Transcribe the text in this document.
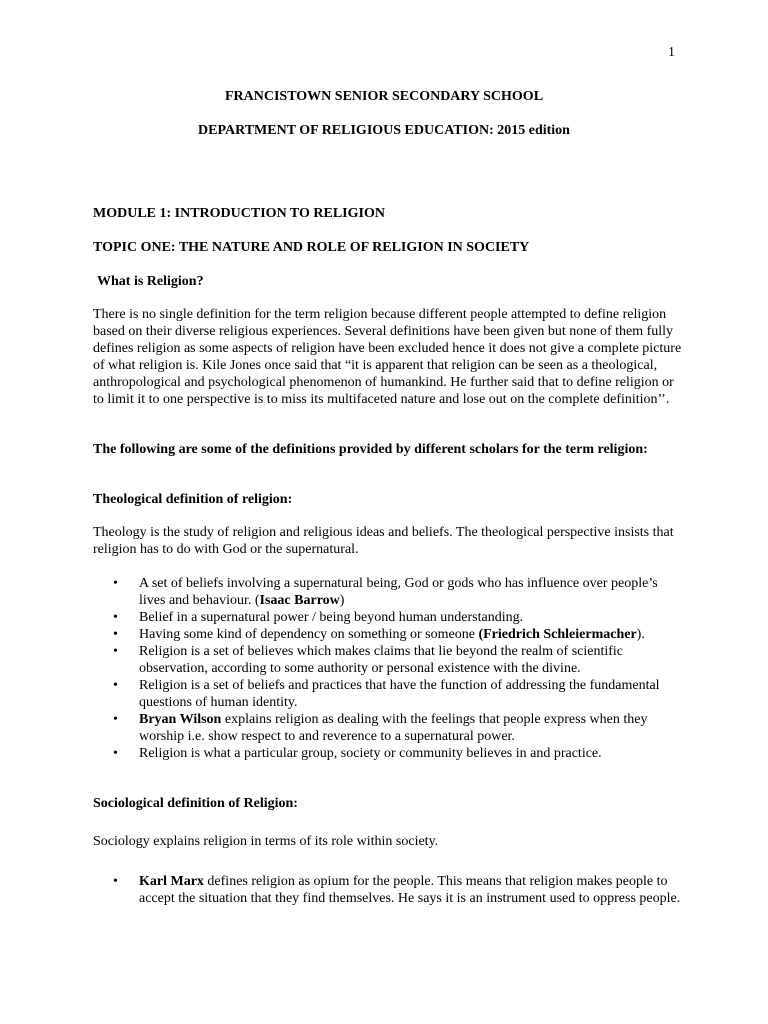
1
FRANCISTOWN SENIOR SECONDARY SCHOOL
DEPARTMENT OF RELIGIOUS EDUCATION: 2015 edition
MODULE 1: INTRODUCTION TO RELIGION
TOPIC ONE: THE NATURE AND ROLE OF RELIGION IN SOCIETY
What is Religion?
There is no single definition for the term religion because different people attempted to define religion based on their diverse religious experiences. Several definitions have been given but none of them fully defines religion as some aspects of religion have been excluded hence it does not give a complete picture of what religion is. Kile Jones once said that “it is apparent that religion can be seen as a theological, anthropological and psychological phenomenon of humankind. He further said that to define religion or to limit it to one perspective is to miss its multifaceted nature and lose out on the complete definition’’.
The following are some of the definitions provided by different scholars for the term religion:
Theological definition of religion:
Theology is the study of religion and religious ideas and beliefs. The theological perspective insists that religion has to do with God or the supernatural.
• A set of beliefs involving a supernatural being, God or gods who has influence over people’s lives and behaviour. (Isaac Barrow)
• Belief in a supernatural power / being beyond human understanding.
• Having some kind of dependency on something or someone (Friedrich Schleiermacher).
• Religion is a set of believes which makes claims that lie beyond the realm of scientific observation, according to some authority or personal existence with the divine.
• Religion is a set of beliefs and practices that have the function of addressing the fundamental questions of human identity.
• Bryan Wilson explains religion as dealing with the feelings that people express when they worship i.e. show respect to and reverence to a supernatural power.
• Religion is what a particular group, society or community believes in and practice.
Sociological definition of Religion:
Sociology explains religion in terms of its role within society.
• Karl Marx defines religion as opium for the people. This means that religion makes people to accept the situation that they find themselves. He says it is an instrument used to oppress people.
